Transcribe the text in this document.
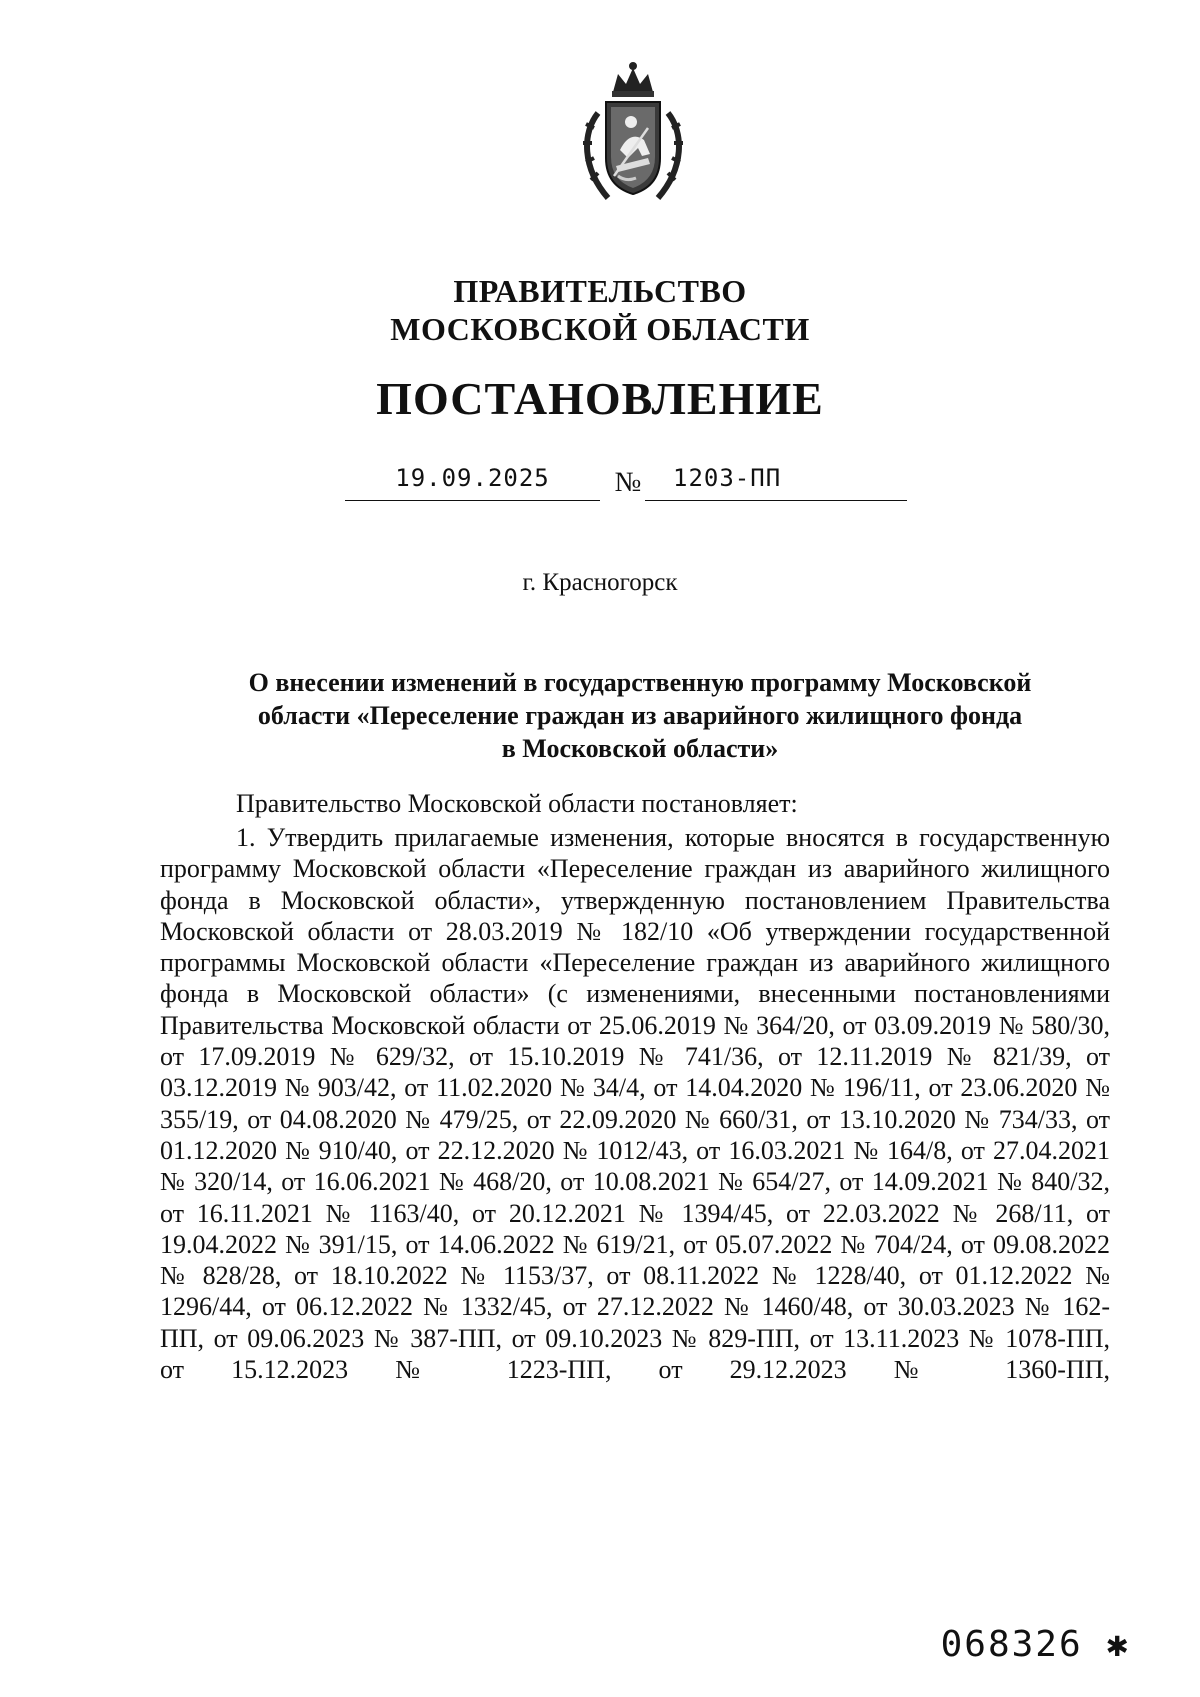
ПРАВИТЕЛЬСТВО
МОСКОВСКОЙ ОБЛАСТИ
ПОСТАНОВЛЕНИЕ
19.09.2025	№	1203-ПП
г. Красногорск
О внесении изменений в государственную программу Московской
области «Переселение граждан из аварийного жилищного фонда
в Московской области»
Правительство Московской области постановляет:
1. Утвердить прилагаемые изменения, которые вносятся в государственную программу Московской области «Переселение граждан из аварийного жилищного фонда в Московской области», утвержденную постановлением Правительства Московской области от 28.03.2019 № 182/10 «Об утверждении государственной программы Московской области «Переселение граждан из аварийного жилищного фонда в Московской области» (с изменениями, внесенными постановлениями Правительства Московской области от 25.06.2019 № 364/20, от 03.09.2019 № 580/30, от 17.09.2019 № 629/32, от 15.10.2019 № 741/36, от 12.11.2019 № 821/39, от 03.12.2019 № 903/42, от 11.02.2020 № 34/4, от 14.04.2020 № 196/11, от 23.06.2020 № 355/19, от 04.08.2020 № 479/25, от 22.09.2020 № 660/31, от 13.10.2020 № 734/33, от 01.12.2020 № 910/40, от 22.12.2020 № 1012/43, от 16.03.2021 № 164/8, от 27.04.2021 № 320/14, от 16.06.2021 № 468/20, от 10.08.2021 № 654/27, от 14.09.2021 № 840/32, от 16.11.2021 № 1163/40, от 20.12.2021 № 1394/45, от 22.03.2022 № 268/11, от 19.04.2022 № 391/15, от 14.06.2022 № 619/21, от 05.07.2022 № 704/24, от 09.08.2022 № 828/28, от 18.10.2022 № 1153/37, от 08.11.2022 № 1228/40, от 01.12.2022 № 1296/44, от 06.12.2022 № 1332/45, от 27.12.2022 № 1460/48, от 30.03.2023 № 162-ПП, от 09.06.2023 № 387-ПП, от 09.10.2023 № 829-ПП, от 13.11.2023 № 1078-ПП, от 15.12.2023 № 1223-ПП, от 29.12.2023 № 1360-ПП,
068326 ✱
